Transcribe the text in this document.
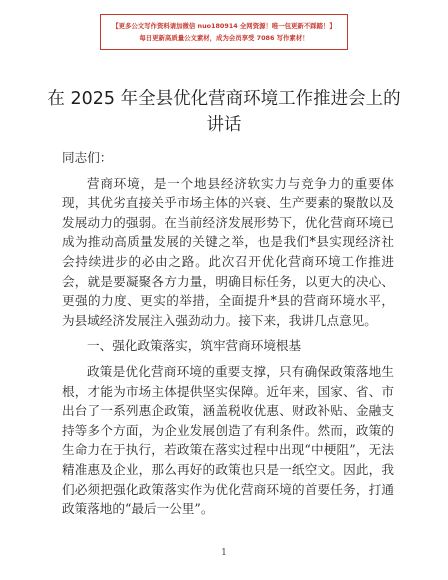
【更多公文写作资料请加微信 nuo180914 全网资源！唯一包更新不踩踏！】
每日更新高质量公文素材，成为会员享受 7086 写作素材！
在 2025 年全县优化营商环境工作推进会上的讲话

同志们：

营商环境，是一个地县经济软实力与竞争力的重要体现，其优劣直接关乎市场主体的兴衰、生产要素的聚散以及发展动力的强弱。在当前经济发展形势下，优化营商环境已成为推动高质量发展的关键之举，也是我们*县实现经济社会持续进步的必由之路。此次召开优化营商环境工作推进会，就是要凝聚各方力量，明确目标任务，以更大的决心、更强的力度、更实的举措，全面提升*县的营商环境水平，为县域经济发展注入强劲动力。接下来，我讲几点意见。

一、强化政策落实，筑牢营商环境根基

政策是优化营商环境的重要支撑，只有确保政策落地生根，才能为市场主体提供坚实保障。近年来，国家、省、市出台了一系列惠企政策，涵盖税收优惠、财政补贴、金融支持等多个方面，为企业发展创造了有利条件。然而，政策的生命力在于执行，若政策在落实过程中出现“中梗阻”，无法精准惠及企业，那么再好的政策也只是一纸空文。因此，我们必须把强化政策落实作为优化营商环境的首要任务，打通政策落地的“最后一公里”。

1
